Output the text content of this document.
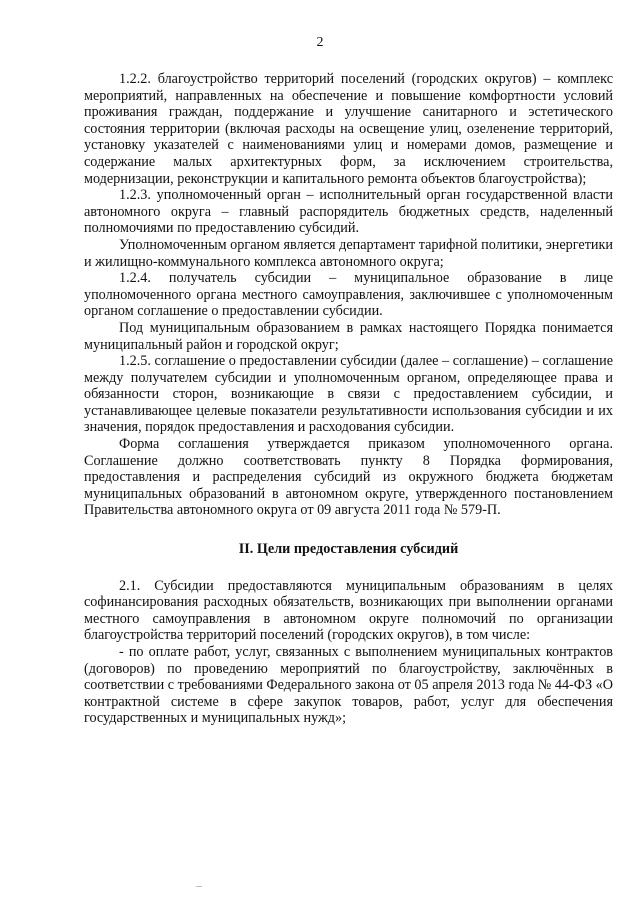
2

1.2.2. благоустройство территорий поселений (городских округов) – комплекс мероприятий, направленных на обеспечение и повышение комфортности условий проживания граждан, поддержание и улучшение санитарного и эстетического состояния территории (включая расходы на освещение улиц, озеленение территорий, установку указателей с наименованиями улиц и номерами домов, размещение и содержание малых архитектурных форм, за исключением строительства, модернизации, реконструкции и капитального ремонта объектов благоустройства);

1.2.3. уполномоченный орган – исполнительный орган государственной власти автономного округа – главный распорядитель бюджетных средств, наделенный полномочиями по предоставлению субсидий.

Уполномоченным органом является департамент тарифной политики, энергетики и жилищно-коммунального комплекса автономного округа;

1.2.4. получатель субсидии – муниципальное образование в лице уполномоченного органа местного самоуправления, заключившее с уполномоченным органом соглашение о предоставлении субсидии.

Под муниципальным образованием в рамках настоящего Порядка понимается муниципальный район и городской округ;

1.2.5. соглашение о предоставлении субсидии (далее – соглашение) – соглашение между получателем субсидии и уполномоченным органом, определяющее права и обязанности сторон, возникающие в связи с предоставлением субсидии, и устанавливающее целевые показатели результативности использования субсидии и их значения, порядок предоставления и расходования субсидии.

Форма соглашения утверждается приказом уполномоченного органа. Соглашение должно соответствовать пункту 8 Порядка формирования, предоставления и распределения субсидий из окружного бюджета бюджетам муниципальных образований в автономном округе, утвержденного постановлением Правительства автономного округа от 09 августа 2011 года № 579-П.

II. Цели предоставления субсидий

2.1. Субсидии предоставляются муниципальным образованиям в целях софинансирования расходных обязательств, возникающих при выполнении органами местного самоуправления в автономном округе полномочий по организации благоустройства территорий поселений (городских округов), в том числе:

- по оплате работ, услуг, связанных с выполнением муниципальных контрактов (договоров) по проведению мероприятий по благоустройству, заключённых в соответствии с требованиями Федерального закона от 05 апреля 2013 года № 44-ФЗ «О контрактной системе в сфере закупок товаров, работ, услуг для обеспечения государственных и муниципальных нужд»;
